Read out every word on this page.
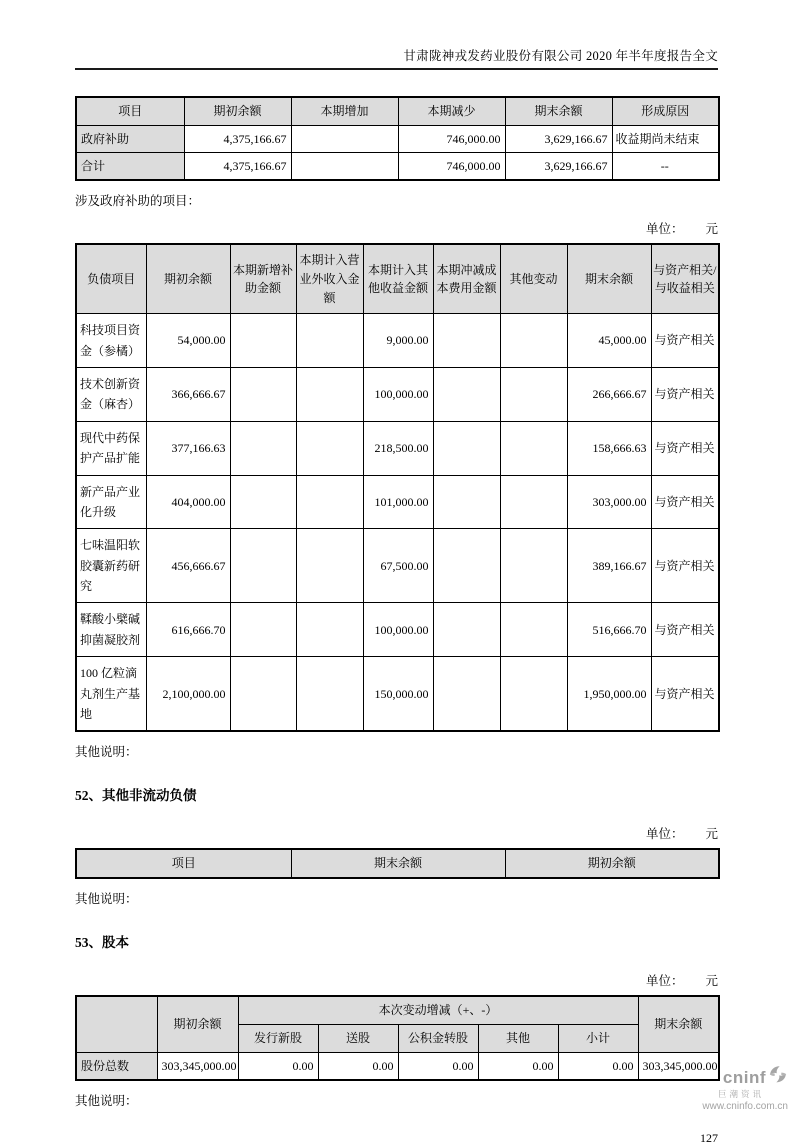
甘肃陇神戎发药业股份有限公司 2020 年半年度报告全文
项目	期初余额	本期增加	本期减少	期末余额	形成原因
政府补助	4,375,166.67		746,000.00	3,629,166.67	收益期尚未结束
合计	4,375,166.67		746,000.00	3,629,166.67	--
涉及政府补助的项目：
单位： 元
负债项目	期初余额	本期新增补助金额	本期计入营业外收入金额	本期计入其他收益金额	本期冲减成本费用金额	其他变动	期末余额	与资产相关/与收益相关
科技项目资金（参橘）	54,000.00			9,000.00			45,000.00	与资产相关
技术创新资金（麻杏）	366,666.67			100,000.00			266,666.67	与资产相关
现代中药保护产品扩能	377,166.63			218,500.00			158,666.63	与资产相关
新产品产业化升级	404,000.00			101,000.00			303,000.00	与资产相关
七味温阳软胶囊新药研究	456,666.67			67,500.00			389,166.67	与资产相关
鞣酸小檗碱抑菌凝胶剂	616,666.70			100,000.00			516,666.70	与资产相关
100 亿粒滴丸剂生产基地	2,100,000.00			150,000.00			1,950,000.00	与资产相关
其他说明：
52、其他非流动负债
单位： 元
项目	期末余额	期初余额
其他说明：
53、股本
单位： 元
	期初余额	本次变动增减（+、-）					期末余额
		发行新股	送股	公积金转股	其他	小计	
股份总数	303,345,000.00	0.00	0.00	0.00	0.00	0.00	303,345,000.00
其他说明：
127
cninf
巨潮资讯
www.cninfo.com.cn
